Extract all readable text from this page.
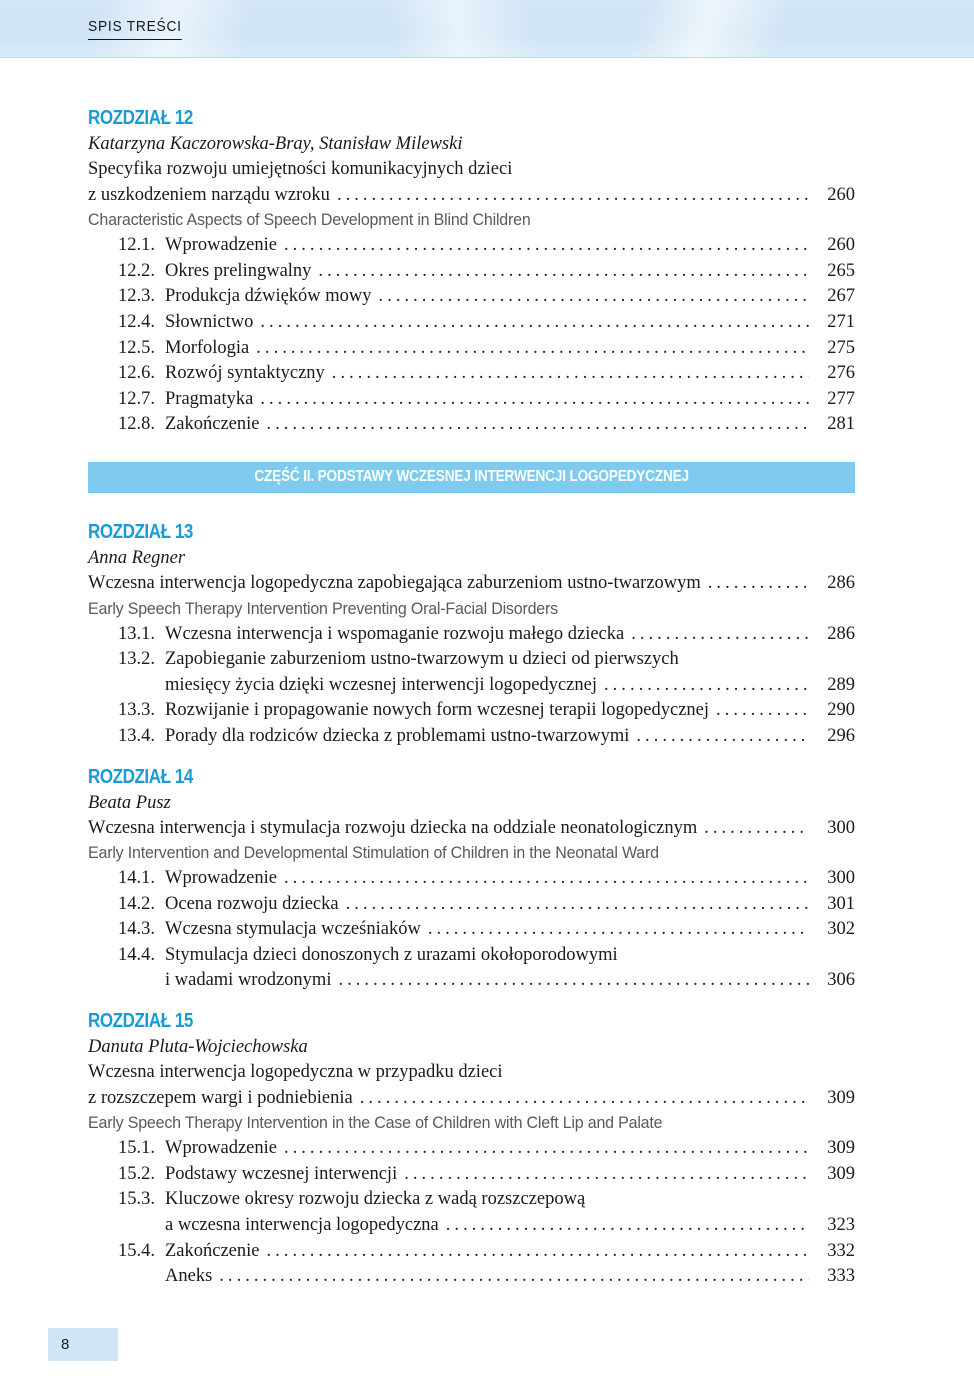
SPIS TREŚCI
ROZDZIAŁ 12
Katarzyna Kaczorowska-Bray, Stanisław Milewski
Specyfika rozwoju umiejętności komunikacyjnych dzieci
z uszkodzeniem narządu wzroku . . .	260
Characteristic Aspects of Speech Development in Blind Children
12.1. Wprowadzenie . . .	260
12.2. Okres prelingwalny . . .	265
12.3. Produkcja dźwięków mowy . . .	267
12.4. Słownictwo . . .	271
12.5. Morfologia . . .	275
12.6. Rozwój syntaktyczny . . .	276
12.7. Pragmatyka . . .	277
12.8. Zakończenie . . .	281
CZĘŚĆ II. PODSTAWY WCZESNEJ INTERWENCJI LOGOPEDYCZNEJ
ROZDZIAŁ 13
Anna Regner
Wczesna interwencja logopedyczna zapobiegająca zaburzeniom ustno-twarzowym . . .	286
Early Speech Therapy Intervention Preventing Oral-Facial Disorders
13.1. Wczesna interwencja i wspomaganie rozwoju małego dziecka . . .	286
13.2. Zapobieganie zaburzeniom ustno-twarzowym u dzieci od pierwszych
miesięcy życia dzięki wczesnej interwencji logopedycznej . . .	289
13.3. Rozwijanie i propagowanie nowych form wczesnej terapii logopedycznej . . .	290
13.4. Porady dla rodziców dziecka z problemami ustno-twarzowymi . . .	296
ROZDZIAŁ 14
Beata Pusz
Wczesna interwencja i stymulacja rozwoju dziecka na oddziale neonatologicznym . . .	300
Early Intervention and Developmental Stimulation of Children in the Neonatal Ward
14.1. Wprowadzenie . . .	300
14.2. Ocena rozwoju dziecka . . .	301
14.3. Wczesna stymulacja wcześniaków . . .	302
14.4. Stymulacja dzieci donoszonych z urazami okołoporodowymi
i wadami wrodzonymi . . .	306
ROZDZIAŁ 15
Danuta Pluta-Wojciechowska
Wczesna interwencja logopedyczna w przypadku dzieci
z rozszczepem wargi i podniebienia . . .	309
Early Speech Therapy Intervention in the Case of Children with Cleft Lip and Palate
15.1. Wprowadzenie . . .	309
15.2. Podstawy wczesnej interwencji . . .	309
15.3. Kluczowe okresy rozwoju dziecka z wadą rozszczepową
a wczesna interwencja logopedyczna . . .	323
15.4. Zakończenie . . .	332
Aneks . . .	333
8
